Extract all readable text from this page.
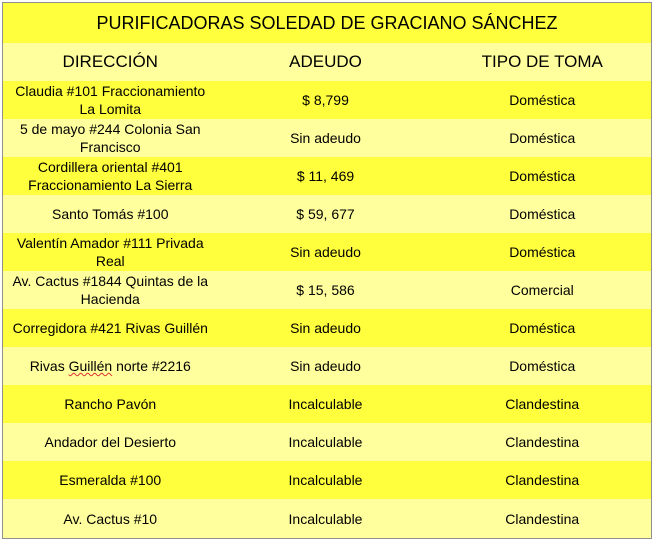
PURIFICADORAS SOLEDAD DE GRACIANO SÁNCHEZ		
DIRECCIÓN	ADEUDO	TIPO DE TOMA
Claudia #101 Fraccionamiento La Lomita	$ 8,799	Doméstica
5 de mayo #244 Colonia San Francisco	Sin adeudo	Doméstica
Cordillera oriental #401 Fraccionamiento La Sierra	$ 11, 469	Doméstica
Santo Tomás #100	$ 59, 677	Doméstica
Valentín Amador #111 Privada Real	Sin adeudo	Doméstica
Av. Cactus #1844 Quintas de la Hacienda	$ 15, 586	Comercial
Corregidora #421 Rivas Guillén	Sin adeudo	Doméstica
Rivas Guillén norte #2216	Sin adeudo	Doméstica
Rancho Pavón	Incalculable	Clandestina
Andador del Desierto	Incalculable	Clandestina
Esmeralda #100	Incalculable	Clandestina
Av. Cactus #10	Incalculable	Clandestina
